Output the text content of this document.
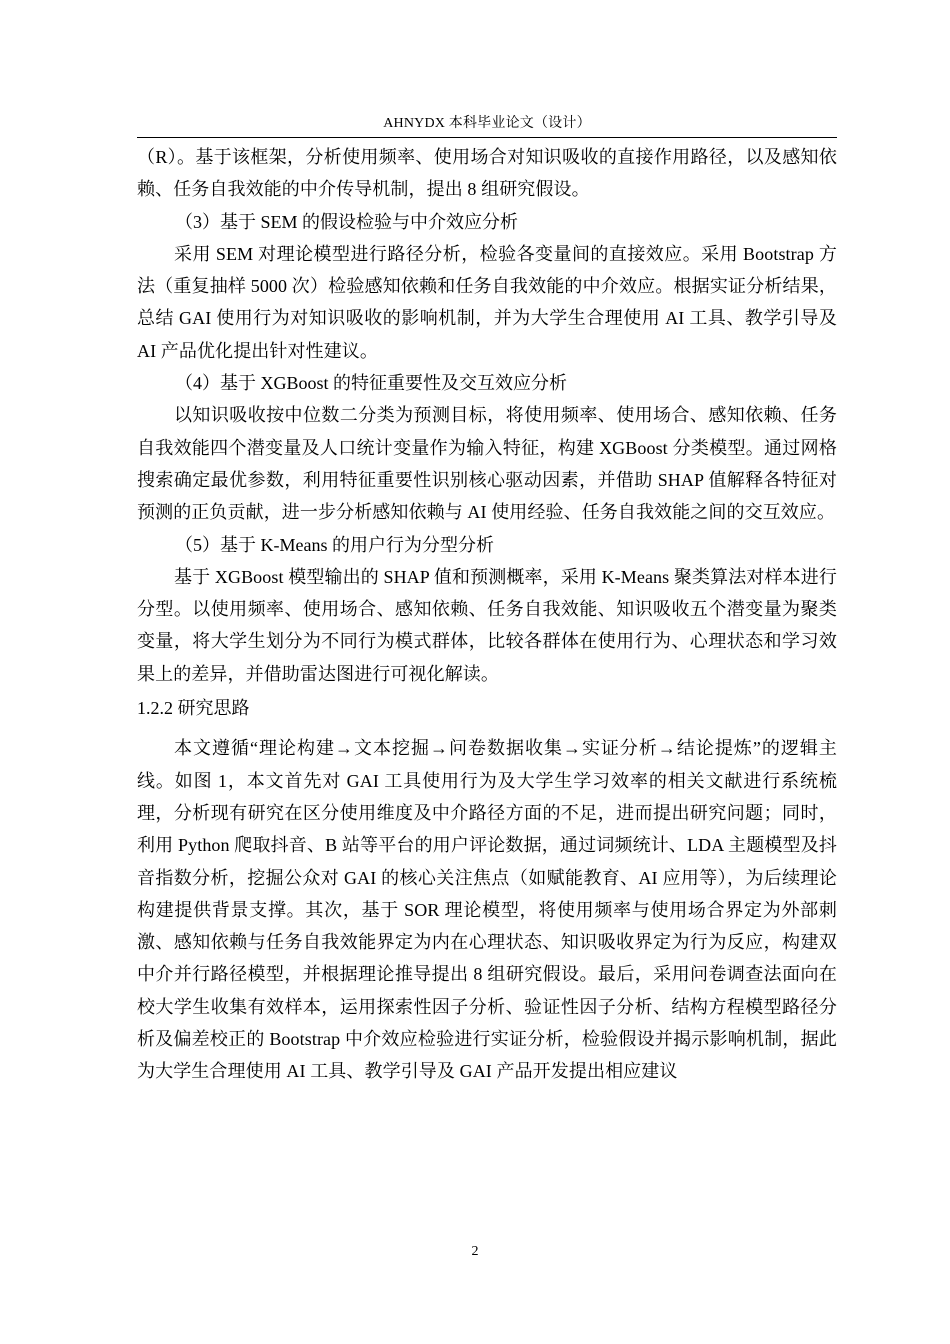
AHNYDX 本科毕业论文（设计）

（R）。基于该框架，分析使用频率、使用场合对知识吸收的直接作用路径，以及感知依赖、任务自我效能的中介传导机制，提出 8 组研究假设。

（3）基于 SEM 的假设检验与中介效应分析

采用 SEM 对理论模型进行路径分析，检验各变量间的直接效应。采用 Bootstrap 方法（重复抽样 5000 次）检验感知依赖和任务自我效能的中介效应。根据实证分析结果，总结 GAI 使用行为对知识吸收的影响机制，并为大学生合理使用 AI 工具、教学引导及 AI 产品优化提出针对性建议。

（4）基于 XGBoost 的特征重要性及交互效应分析

以知识吸收按中位数二分类为预测目标，将使用频率、使用场合、感知依赖、任务自我效能四个潜变量及人口统计变量作为输入特征，构建 XGBoost 分类模型。通过网格搜索确定最优参数，利用特征重要性识别核心驱动因素，并借助 SHAP 值解释各特征对预测的正负贡献，进一步分析感知依赖与 AI 使用经验、任务自我效能之间的交互效应。

（5）基于 K-Means 的用户行为分型分析

基于 XGBoost 模型输出的 SHAP 值和预测概率，采用 K-Means 聚类算法对样本进行分型。以使用频率、使用场合、感知依赖、任务自我效能、知识吸收五个潜变量为聚类变量，将大学生划分为不同行为模式群体，比较各群体在使用行为、心理状态和学习效果上的差异，并借助雷达图进行可视化解读。

1.2.2 研究思路

本文遵循“理论构建→文本挖掘→问卷数据收集→实证分析→结论提炼”的逻辑主线。如图 1，本文首先对 GAI 工具使用行为及大学生学习效率的相关文献进行系统梳理，分析现有研究在区分使用维度及中介路径方面的不足，进而提出研究问题；同时，利用 Python 爬取抖音、B 站等平台的用户评论数据，通过词频统计、LDA 主题模型及抖音指数分析，挖掘公众对 GAI 的核心关注焦点（如赋能教育、AI 应用等），为后续理论构建提供背景支撑。其次，基于 SOR 理论模型，将使用频率与使用场合界定为外部刺激、感知依赖与任务自我效能界定为内在心理状态、知识吸收界定为行为反应，构建双中介并行路径模型，并根据理论推导提出 8 组研究假设。最后，采用问卷调查法面向在校大学生收集有效样本，运用探索性因子分析、验证性因子分析、结构方程模型路径分析及偏差校正的 Bootstrap 中介效应检验进行实证分析，检验假设并揭示影响机制，据此为大学生合理使用 AI 工具、教学引导及 GAI 产品开发提出相应建议

2
